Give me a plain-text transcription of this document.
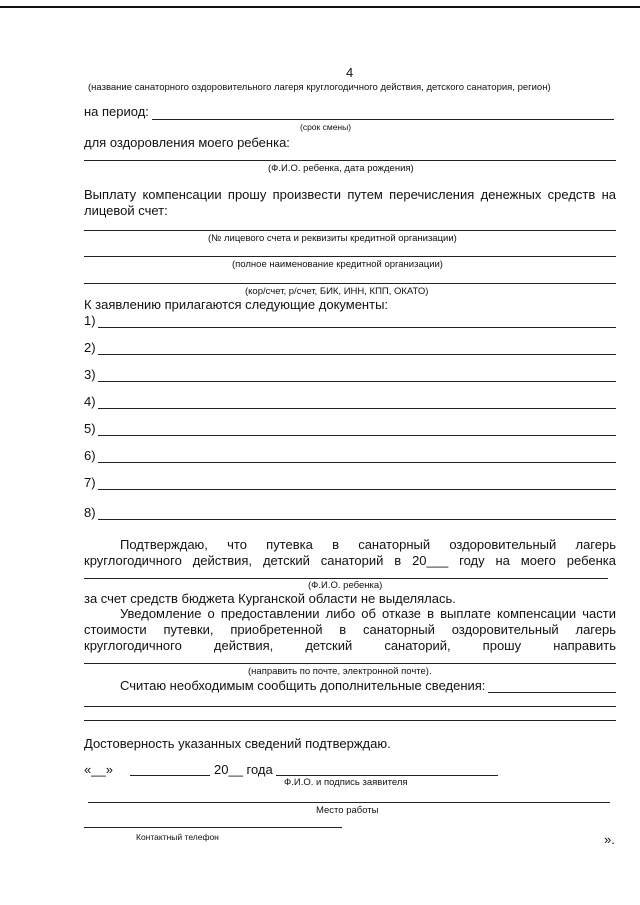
4
(название санаторного оздоровительного лагеря круглогодичного действия, детского санатория, регион)
на период:
(срок смены)
для оздоровления моего ребенка:
(Ф.И.О. ребенка, дата рождения)
Выплату компенсации прошу произвести путем перечисления денежных средств на
лицевой счет:
(№ лицевого счета и реквизиты кредитной организации)
(полное наименование кредитной организации)
(кор/счет, р/счет, БИК, ИНН, КПП, ОКАТО)
К заявлению прилагаются следующие документы:
1)
2)
3)
4)
5)
6)
7)
8)
Подтверждаю, что путевка в санаторный оздоровительный лагерь
круглогодичного действия, детский санаторий в 20___ году на моего ребенка
(Ф.И.О. ребенка)
за счет средств бюджета Курганской области не выделялась.
Уведомление о предоставлении либо об отказе в выплате компенсации части
стоимости путевки, приобретенной в санаторный оздоровительный лагерь
круглогодичного действия, детский санаторий, прошу направить
(направить по почте, электронной почте).
Считаю необходимым сообщить дополнительные сведения:
Достоверность указанных сведений подтверждаю.
«__»	20__ года
Ф.И.О. и подпись заявителя
Место работы
Контактный телефон	».
